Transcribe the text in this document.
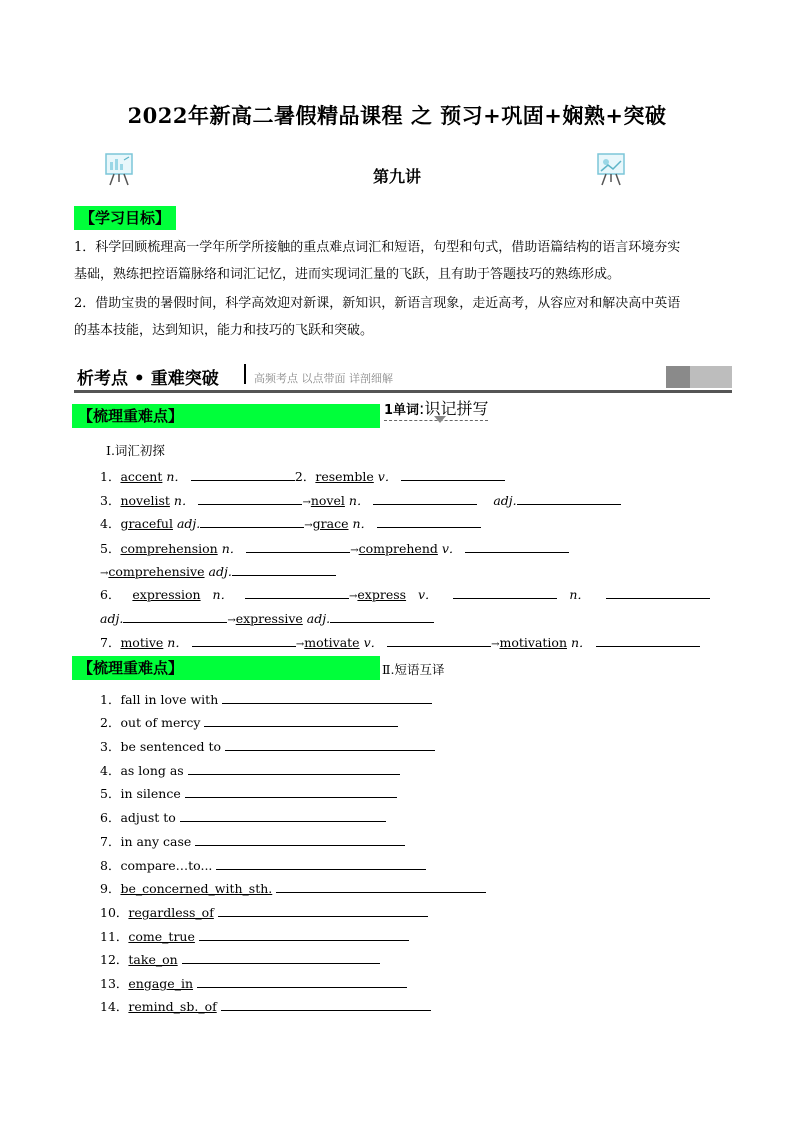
2022年新高二暑假精品课程 之 预习+巩固+娴熟+突破
第九讲
【学习目标】
1．科学回顾梳理高一学年所学所接触的重点难点词汇和短语，句型和句式，借助语篇结构的语言环境夯实
基础，熟练把控语篇脉络和词汇记忆，进而实现词汇量的飞跃，且有助于答题技巧的熟练形成。
2．借助宝贵的暑假时间，科学高效迎对新课，新知识，新语言现象，走近高考，从容应对和解决高中英语
的基本技能，达到知识，能力和技巧的飞跃和突破。
析考点 • 重难突破	高频考点 以点带面 详剖细解
【梳理重难点】	1单词:识记拼写
Ⅰ.词汇初探
1．accent n．	2．resemble v．
3．novelist n．	→novel n．	adj.
4．graceful adj.	→grace n．
5．comprehension n．	→comprehend v．
→comprehensive adj.
6． expression n．	→express v．	n．
adj.	→expressive adj.
7．motive n．	→motivate v．	→motivation n．
【梳理重难点】	Ⅱ.短语互译
1．fall in love with
2．out of mercy
3．be sentenced to
4．as long as
5．in silence
6．adjust to
7．in any case
8．compare…to...
9．be_concerned_with_sth.
10．regardless_of
11．come_true
12．take_on
13．engage_in
14．remind_sb._of
